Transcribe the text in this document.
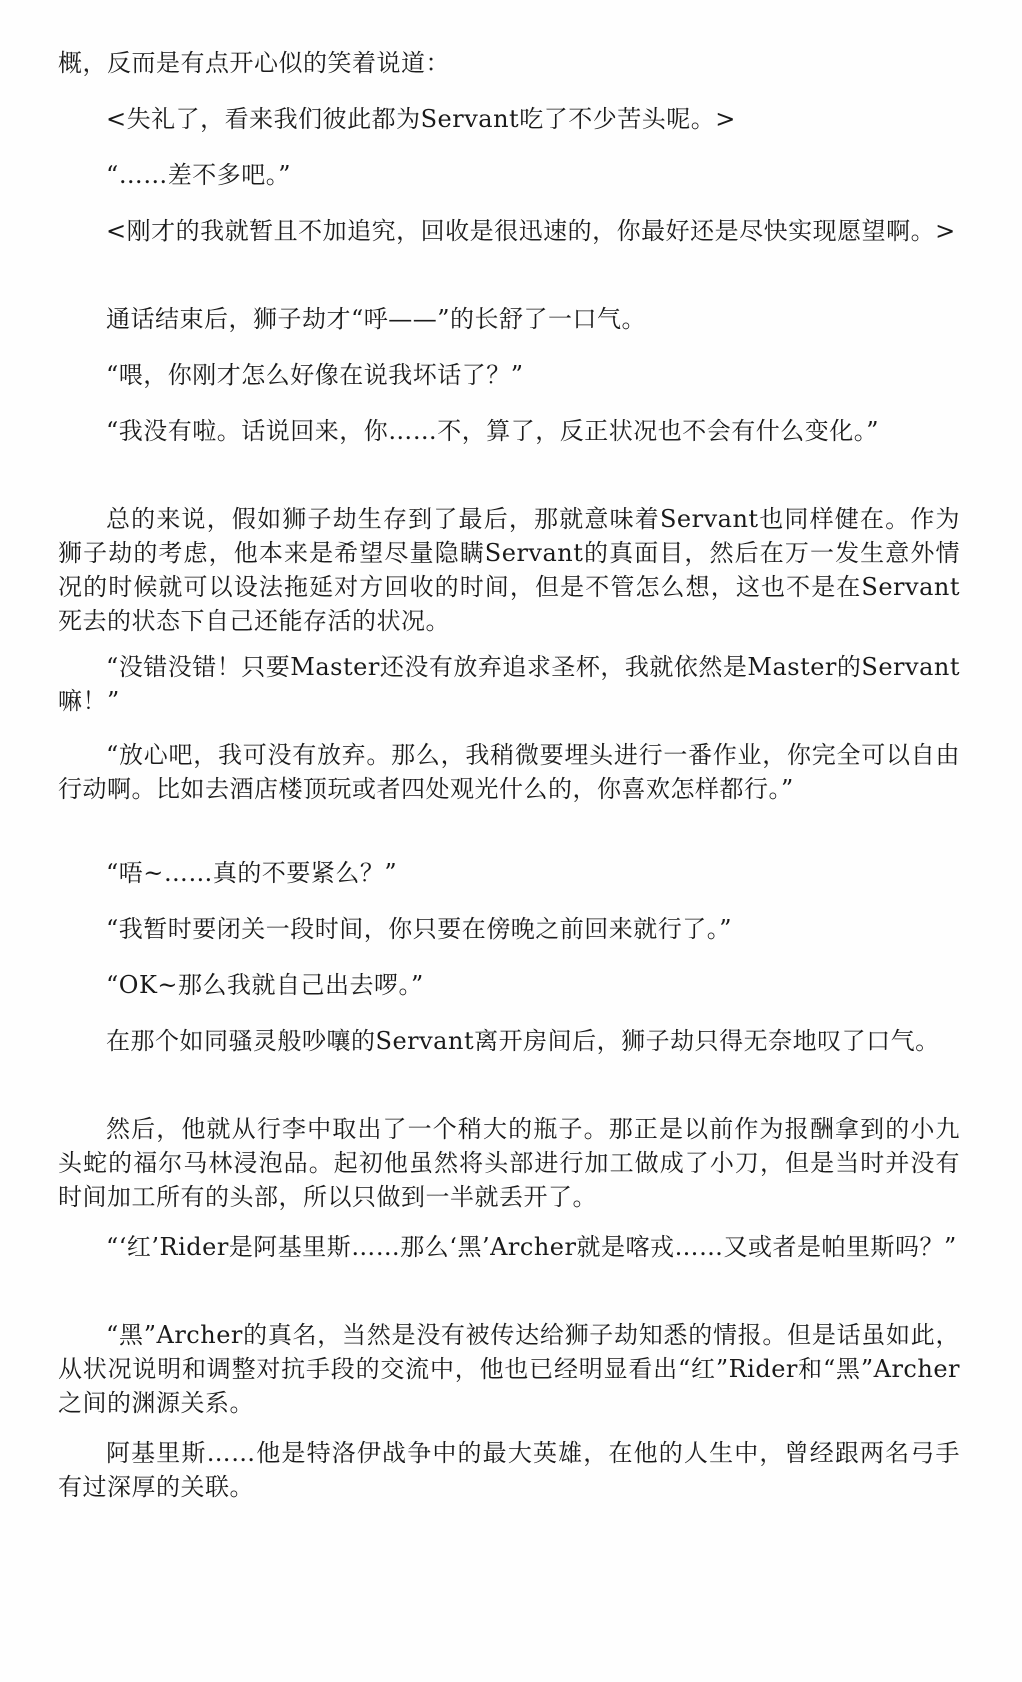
概，反而是有点开心似的笑着说道：

<失礼了，看来我们彼此都为Servant吃了不少苦头呢。>

“……差不多吧。”

<刚才的我就暂且不加追究，回收是很迅速的，你最好还是尽快实现愿望啊。>

通话结束后，狮子劫才“呼——”的长舒了一口气。

“喂，你刚才怎么好像在说我坏话了？”

“我没有啦。话说回来，你……不，算了，反正状况也不会有什么变化。”

总的来说，假如狮子劫生存到了最后，那就意味着Servant也同样健在。作为狮子劫的考虑，他本来是希望尽量隐瞒Servant的真面目，然后在万一发生意外情况的时候就可以设法拖延对方回收的时间，但是不管怎么想，这也不是在Servant死去的状态下自己还能存活的状况。

“没错没错！只要Master还没有放弃追求圣杯，我就依然是Master的Servant嘛！”

“放心吧，我可没有放弃。那么，我稍微要埋头进行一番作业，你完全可以自由行动啊。比如去酒店楼顶玩或者四处观光什么的，你喜欢怎样都行。”

“唔~……真的不要紧么？”

“我暂时要闭关一段时间，你只要在傍晚之前回来就行了。”

“OK~那么我就自己出去啰。”

在那个如同骚灵般吵嚷的Servant离开房间后，狮子劫只得无奈地叹了口气。

然后，他就从行李中取出了一个稍大的瓶子。那正是以前作为报酬拿到的小九头蛇的福尔马林浸泡品。起初他虽然将头部进行加工做成了小刀，但是当时并没有时间加工所有的头部，所以只做到一半就丢开了。

“‘红’Rider是阿基里斯……那么‘黑’Archer就是喀戎……又或者是帕里斯吗？”

“黑”Archer的真名，当然是没有被传达给狮子劫知悉的情报。但是话虽如此，从状况说明和调整对抗手段的交流中，他也已经明显看出“红”Rider和“黑”Archer之间的渊源关系。

阿基里斯……他是特洛伊战争中的最大英雄，在他的人生中，曾经跟两名弓手有过深厚的关联。
